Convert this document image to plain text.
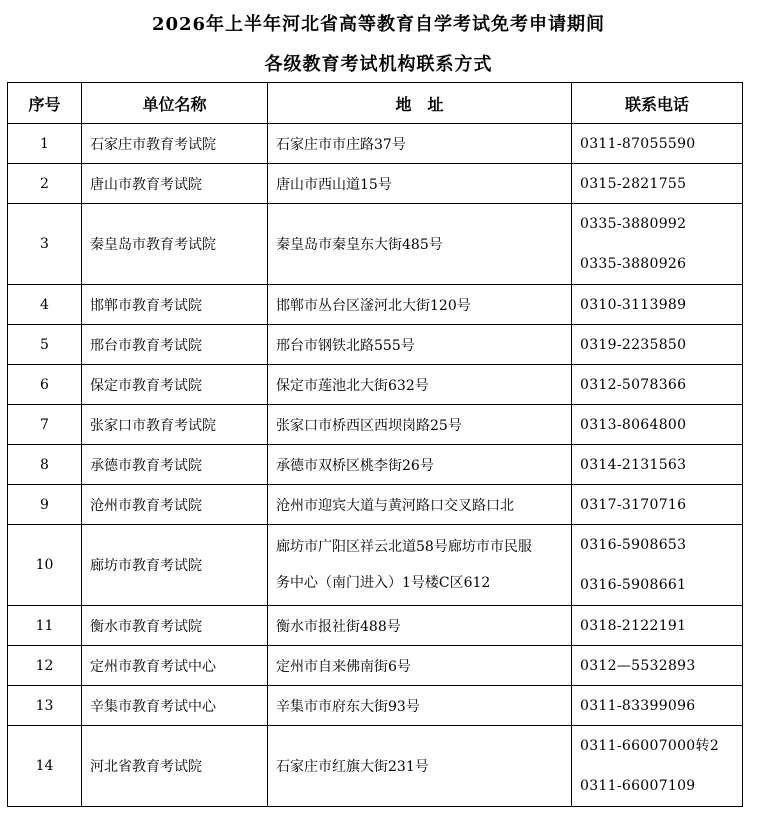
2026年上半年河北省高等教育自学考试免考申请期间
各级教育考试机构联系方式
序号	单位名称	地　址	联系电话
1	石家庄市教育考试院	石家庄市市庄路37号	0311-87055590
2	唐山市教育考试院	唐山市西山道15号	0315-2821755
3	秦皇岛市教育考试院	秦皇岛市秦皇东大街485号	0335-3880992
0335-3880926

4	邯郸市教育考试院	邯郸市丛台区滏河北大街120号	0310-3113989
5	邢台市教育考试院	邢台市钢铁北路555号	0319-2235850
6	保定市教育考试院	保定市莲池北大街632号	0312-5078366
7	张家口市教育考试院	张家口市桥西区西坝岗路25号	0313-8064800
8	承德市教育考试院	承德市双桥区桃李街26号	0314-2131563
9	沧州市教育考试院	沧州市迎宾大道与黄河路口交叉路口北	0317-3170716
10	廊坊市教育考试院	廊坊市广阳区祥云北道58号廊坊市市民服
务中心（南门进入）1号楼C区612	0316-5908653
0316-5908661

11	衡水市教育考试院	衡水市报社街488号	0318-2122191
12	定州市教育考试中心	定州市自来佛南街6号	0312—5532893
13	辛集市教育考试中心	辛集市市府东大街93号	0311-83399096
14	河北省教育考试院	石家庄市红旗大街231号	0311-66007000转2
0311-66007109
